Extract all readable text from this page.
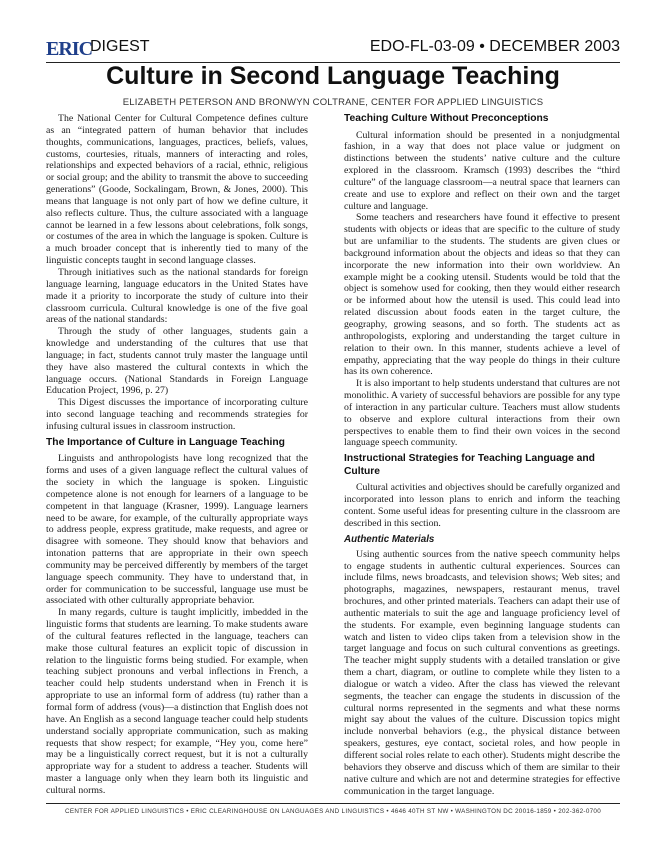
ERIC
DIGEST	EDO-FL-03-09 • DECEMBER 2003
Culture in Second Language Teaching
ELIZABETH PETERSON AND BRONWYN COLTRANE, CENTER FOR APPLIED LINGUISTICS

The National Center for Cultural Competence defines culture as an “integrated pattern of human behavior that includes thoughts, communications, languages, practices, beliefs, values, customs, courtesies, rituals, manners of interacting and roles, relationships and expected behaviors of a racial, ethnic, religious or social group; and the ability to transmit the above to succeeding generations” (Goode, Sockalingam, Brown, & Jones, 2000). This means that language is not only part of how we define culture, it also reflects culture. Thus, the culture associated with a language cannot be learned in a few lessons about celebrations, folk songs, or costumes of the area in which the language is spoken. Culture is a much broader concept that is inherently tied to many of the linguistic concepts taught in second language classes.

Through initiatives such as the national standards for foreign language learning, language educators in the United States have made it a priority to incorporate the study of culture into their classroom curricula. Cultural knowledge is one of the five goal areas of the national standards:

Through the study of other languages, students gain a knowledge and understanding of the cultures that use that language; in fact, students cannot truly master the language until they have also mastered the cultural contexts in which the language occurs. (National Standards in Foreign Language Education Project, 1996, p. 27)

This Digest discusses the importance of incorporating culture into second language teaching and recommends strategies for infusing cultural issues in classroom instruction.

The Importance of Culture in Language Teaching

Linguists and anthropologists have long recognized that the forms and uses of a given language reflect the cultural values of the society in which the language is spoken. Linguistic competence alone is not enough for learners of a language to be competent in that language (Krasner, 1999). Language learners need to be aware, for example, of the culturally appropriate ways to address people, express gratitude, make requests, and agree or disagree with someone. They should know that behaviors and intonation patterns that are appropriate in their own speech community may be perceived differently by members of the target language speech community. They have to understand that, in order for communication to be successful, language use must be associated with other culturally appropriate behavior.

In many regards, culture is taught implicitly, imbedded in the linguistic forms that students are learning. To make students aware of the cultural features reflected in the language, teachers can make those cultural features an explicit topic of discussion in relation to the linguistic forms being studied. For example, when teaching subject pronouns and verbal inflections in French, a teacher could help students understand when in French it is appropriate to use an informal form of address (tu) rather than a formal form of address (vous)—a distinction that English does not have. An English as a second language teacher could help students understand socially appropriate communication, such as making requests that show respect; for example, “Hey you, come here” may be a linguistically correct request, but it is not a culturally appropriate way for a student to address a teacher. Students will master a language only when they learn both its linguistic and cultural norms.

Teaching Culture Without Preconceptions

Cultural information should be presented in a nonjudgmental fashion, in a way that does not place value or judgment on distinctions between the students’ native culture and the culture explored in the classroom. Kramsch (1993) describes the “third culture” of the language classroom—a neutral space that learners can create and use to explore and reflect on their own and the target culture and language.

Some teachers and researchers have found it effective to present students with objects or ideas that are specific to the culture of study but are unfamiliar to the students. The students are given clues or background information about the objects and ideas so that they can incorporate the new information into their own worldview. An example might be a cooking utensil. Students would be told that the object is somehow used for cooking, then they would either research or be informed about how the utensil is used. This could lead into related discussion about foods eaten in the target culture, the geography, growing seasons, and so forth. The students act as anthropologists, exploring and understanding the target culture in relation to their own. In this manner, students achieve a level of empathy, appreciating that the way people do things in their culture has its own coherence.

It is also important to help students understand that cultures are not monolithic. A variety of successful behaviors are possible for any type of interaction in any particular culture. Teachers must allow students to observe and explore cultural interactions from their own perspectives to enable them to find their own voices in the second language speech community.

Instructional Strategies for Teaching Language and Culture

Cultural activities and objectives should be carefully organized and incorporated into lesson plans to enrich and inform the teaching content. Some useful ideas for presenting culture in the classroom are described in this section.

Authentic Materials

Using authentic sources from the native speech community helps to engage students in authentic cultural experiences. Sources can include films, news broadcasts, and television shows; Web sites; and photographs, magazines, newspapers, restaurant menus, travel brochures, and other printed materials. Teachers can adapt their use of authentic materials to suit the age and language proficiency level of the students. For example, even beginning language students can watch and listen to video clips taken from a television show in the target language and focus on such cultural conventions as greetings. The teacher might supply students with a detailed translation or give them a chart, diagram, or outline to complete while they listen to a dialogue or watch a video. After the class has viewed the relevant segments, the teacher can engage the students in discussion of the cultural norms represented in the segments and what these norms might say about the values of the culture. Discussion topics might include nonverbal behaviors (e.g., the physical distance between speakers, gestures, eye contact, societal roles, and how people in different social roles relate to each other). Students might describe the behaviors they observe and discuss which of them are similar to their native culture and which are not and determine strategies for effective communication in the target language.

CENTER FOR APPLIED LINGUISTICS • ERIC CLEARINGHOUSE ON LANGUAGES AND LINGUISTICS • 4646 40TH ST NW • WASHINGTON DC 20016-1859 • 202-362-0700
